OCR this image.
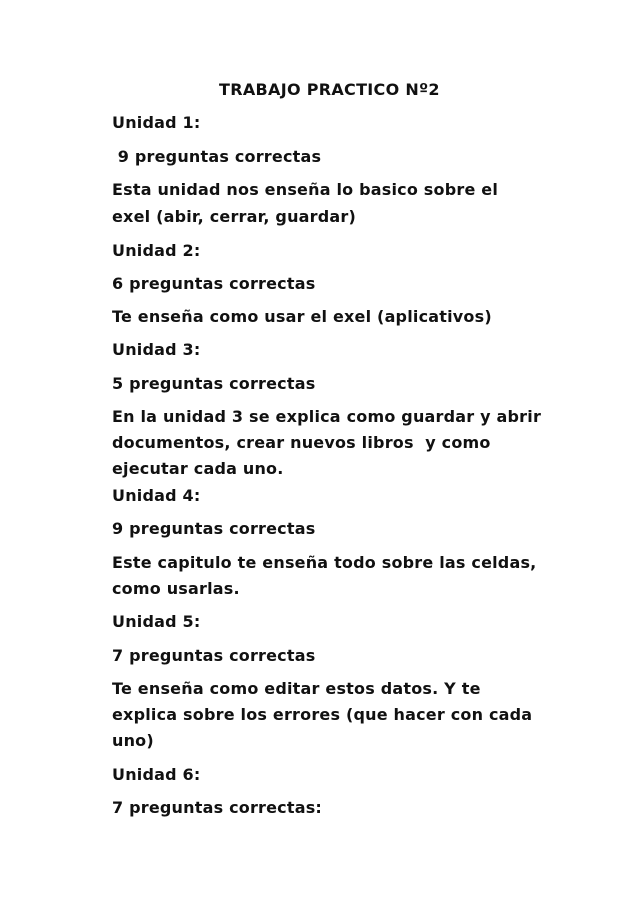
TRABAJO PRACTICO Nº2

Unidad 1:

9 preguntas correctas

Esta unidad nos enseña lo basico sobre el

exel (abir, cerrar, guardar)

Unidad 2:

6 preguntas correctas

Te enseña como usar el exel (aplicativos)

Unidad 3:

5 preguntas correctas

En la unidad 3 se explica como guardar y abrir

documentos, crear nuevos libros  y como

ejecutar cada uno.

Unidad 4:

9 preguntas correctas

Este capitulo te enseña todo sobre las celdas,

como usarlas.

Unidad 5:

7 preguntas correctas

Te enseña como editar estos datos. Y te

explica sobre los errores (que hacer con cada

uno)

Unidad 6:

7 preguntas correctas:
